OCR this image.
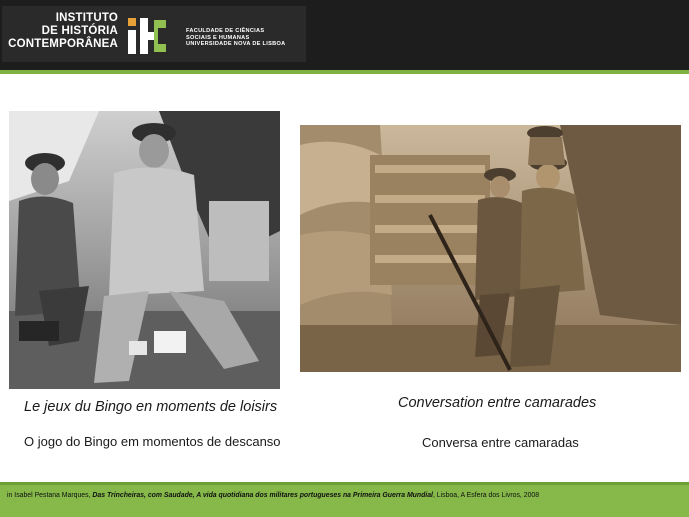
INSTITUTO
DE HISTÓRIA
CONTEMPORÂNEA
FACULDADE DE CIÊNCIAS
SOCIAIS E HUMANAS
UNIVERSIDADE NOVA DE LISBOA
Le jeux du Bingo en moments de loisirs
O jogo do Bingo em momentos de descanso
Conversation entre camarades
Conversa entre camaradas
in Isabel Pestana Marques, Das Trincheiras, com Saudade, A vida quotidiana dos militares portugueses na Primeira Guerra Mundial, Lisboa, A Esfera dos Livros, 2008
